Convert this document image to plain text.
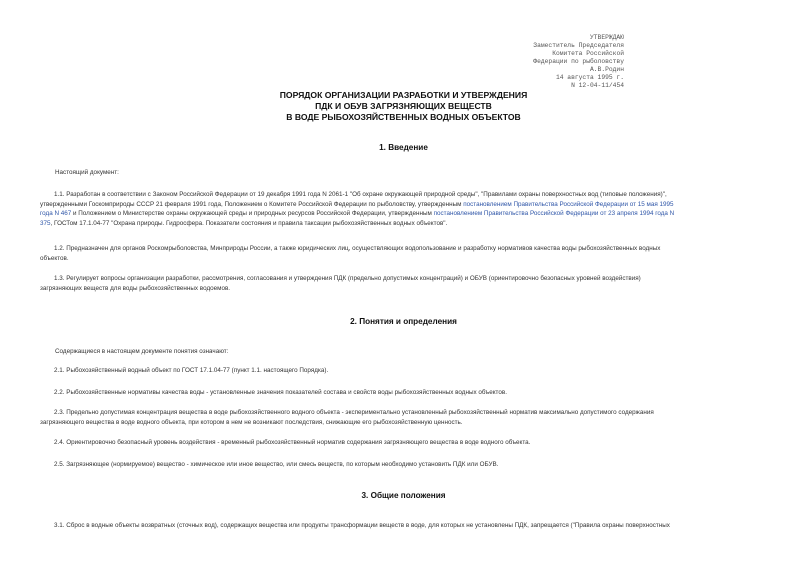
УТВЕРЖДАЮ
Заместитель Председателя
Комитета Российской
Федерации по рыболовству
А.В.Родин
14 августа 1995 г.
N 12-04-11/454
ПОРЯДОК ОРГАНИЗАЦИИ РАЗРАБОТКИ И УТВЕРЖДЕНИЯ
ПДК И ОБУВ ЗАГРЯЗНЯЮЩИХ ВЕЩЕСТВ
В ВОДЕ РЫБОХОЗЯЙСТВЕННЫХ ВОДНЫХ ОБЪЕКТОВ
1. Введение
Настоящий документ:
1.1. Разработан в соответствии с Законом Российской Федерации от 19 декабря 1991 года N 2061-1 "Об охране окружающей природной среды", "Правилами охраны поверхностных вод (типовые положения)",
утвержденными Госкомприроды СССР 21 февраля 1991 года, Положением о Комитете Российской Федерации по рыболовству, утвержденным постановлением Правительства Российской Федерации от 15 мая 1995
года N 467 и Положением о Министерстве охраны окружающей среды и природных ресурсов Российской Федерации, утвержденным постановлением Правительства Российской Федерации от 23 апреля 1994 года N
375, ГОСТом 17.1.04-77 "Охрана природы. Гидросфера. Показатели состояния и правила таксации рыбохозяйственных водных объектов".
1.2. Предназначен для органов Роскомрыболовства, Минприроды России, а также юридических лиц, осуществляющих водопользование и разработку нормативов качества воды рыбохозяйственных водных
объектов.
1.3. Регулирует вопросы организации разработки, рассмотрения, согласования и утверждения ПДК (предельно допустимых концентраций) и ОБУВ (ориентировочно безопасных уровней воздействия)
загрязняющих веществ для воды рыбохозяйственных водоемов.
2. Понятия и определения
Содержащиеся в настоящем документе понятия означают:
2.1. Рыбохозяйственный водный объект по ГОСТ 17.1.04-77 (пункт 1.1. настоящего Порядка).
2.2. Рыбохозяйственные нормативы качества воды - установленные значения показателей состава и свойств воды рыбохозяйственных водных объектов.
2.3. Предельно допустимая концентрация вещества в воде рыбохозяйственного водного объекта - экспериментально установленный рыбохозяйственный норматив максимально допустимого содержания
загрязняющего вещества в воде водного объекта, при котором в нем не возникают последствия, снижающие его рыбохозяйственную ценность.
2.4. Ориентировочно безопасный уровень воздействия - временный рыбохозяйственный норматив содержания загрязняющего вещества в воде водного объекта.
2.5. Загрязняющее (нормируемое) вещество - химическое или иное вещество, или смесь веществ, по которым необходимо установить ПДК или ОБУВ.
3. Общие положения
3.1. Сброс в водные объекты возвратных (сточных вод), содержащих вещества или продукты трансформации веществ в воде, для которых не установлены ПДК, запрещается ("Правила охраны поверхностных
